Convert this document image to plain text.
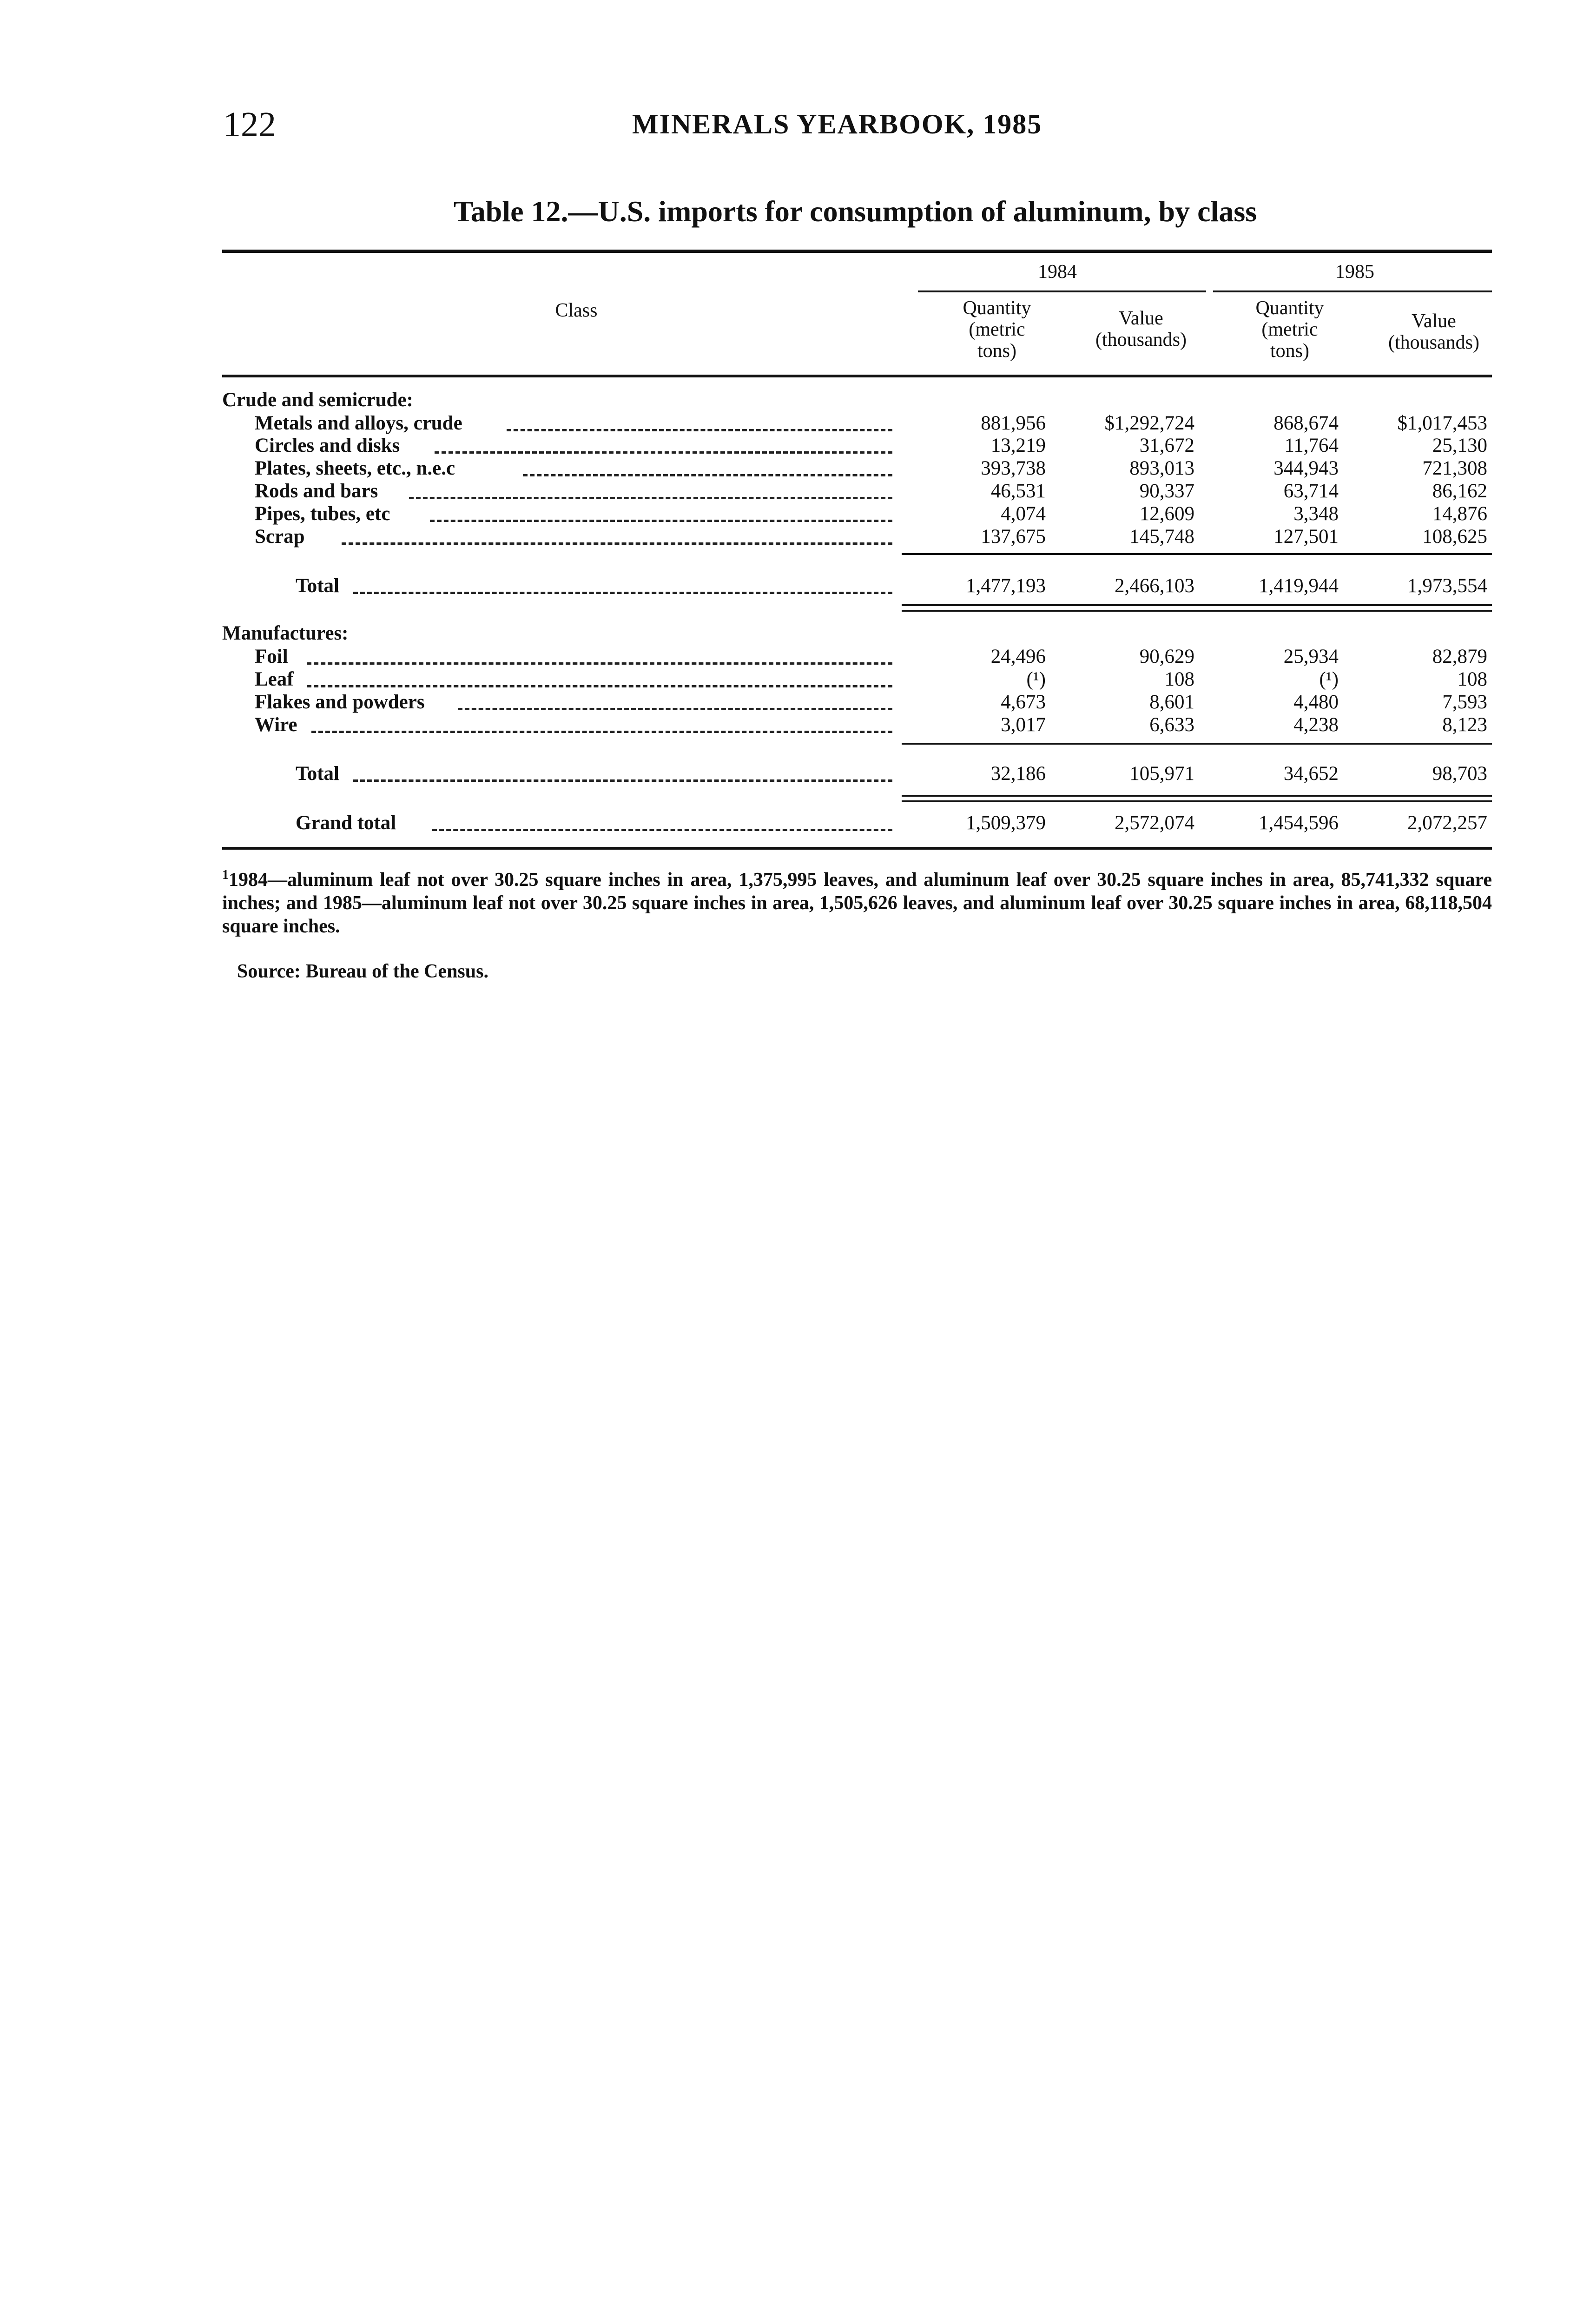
122	MINERALS YEARBOOK, 1985
Table 12.—U.S. imports for consumption of aluminum, by class
Class
1984	1985
Quantity
(metric
tons)
Value
(thousands)
Quantity
(metric
tons)
Value
(thousands)
Crude and semicrude:
Metals and alloys, crude	881,956	$1,292,724	868,674	$1,017,453
Circles and disks	13,219	31,672	11,764	25,130
Plates, sheets, etc., n.e.c	393,738	893,013	344,943	721,308
Rods and bars	46,531	90,337	63,714	86,162
Pipes, tubes, etc	4,074	12,609	3,348	14,876
Scrap	137,675	145,748	127,501	108,625
Total	1,477,193	2,466,103	1,419,944	1,973,554
Manufactures:
Foil	24,496	90,629	25,934	82,879
Leaf	(¹)	108	(¹)	108
Flakes and powders	4,673	8,601	4,480	7,593
Wire	3,017	6,633	4,238	8,123
Total	32,186	105,971	34,652	98,703
Grand total	1,509,379	2,572,074	1,454,596	2,072,257
$^1$1984—aluminum leaf not over 30.25 square inches in area, 1,375,995 leaves, and aluminum leaf over 30.25 square inches in area, 85,741,332 square inches; and 1985—aluminum leaf not over 30.25 square inches in area, 1,505,626 leaves, and aluminum leaf over 30.25 square inches in area, 68,118,504 square inches.
Source: Bureau of the Census.
